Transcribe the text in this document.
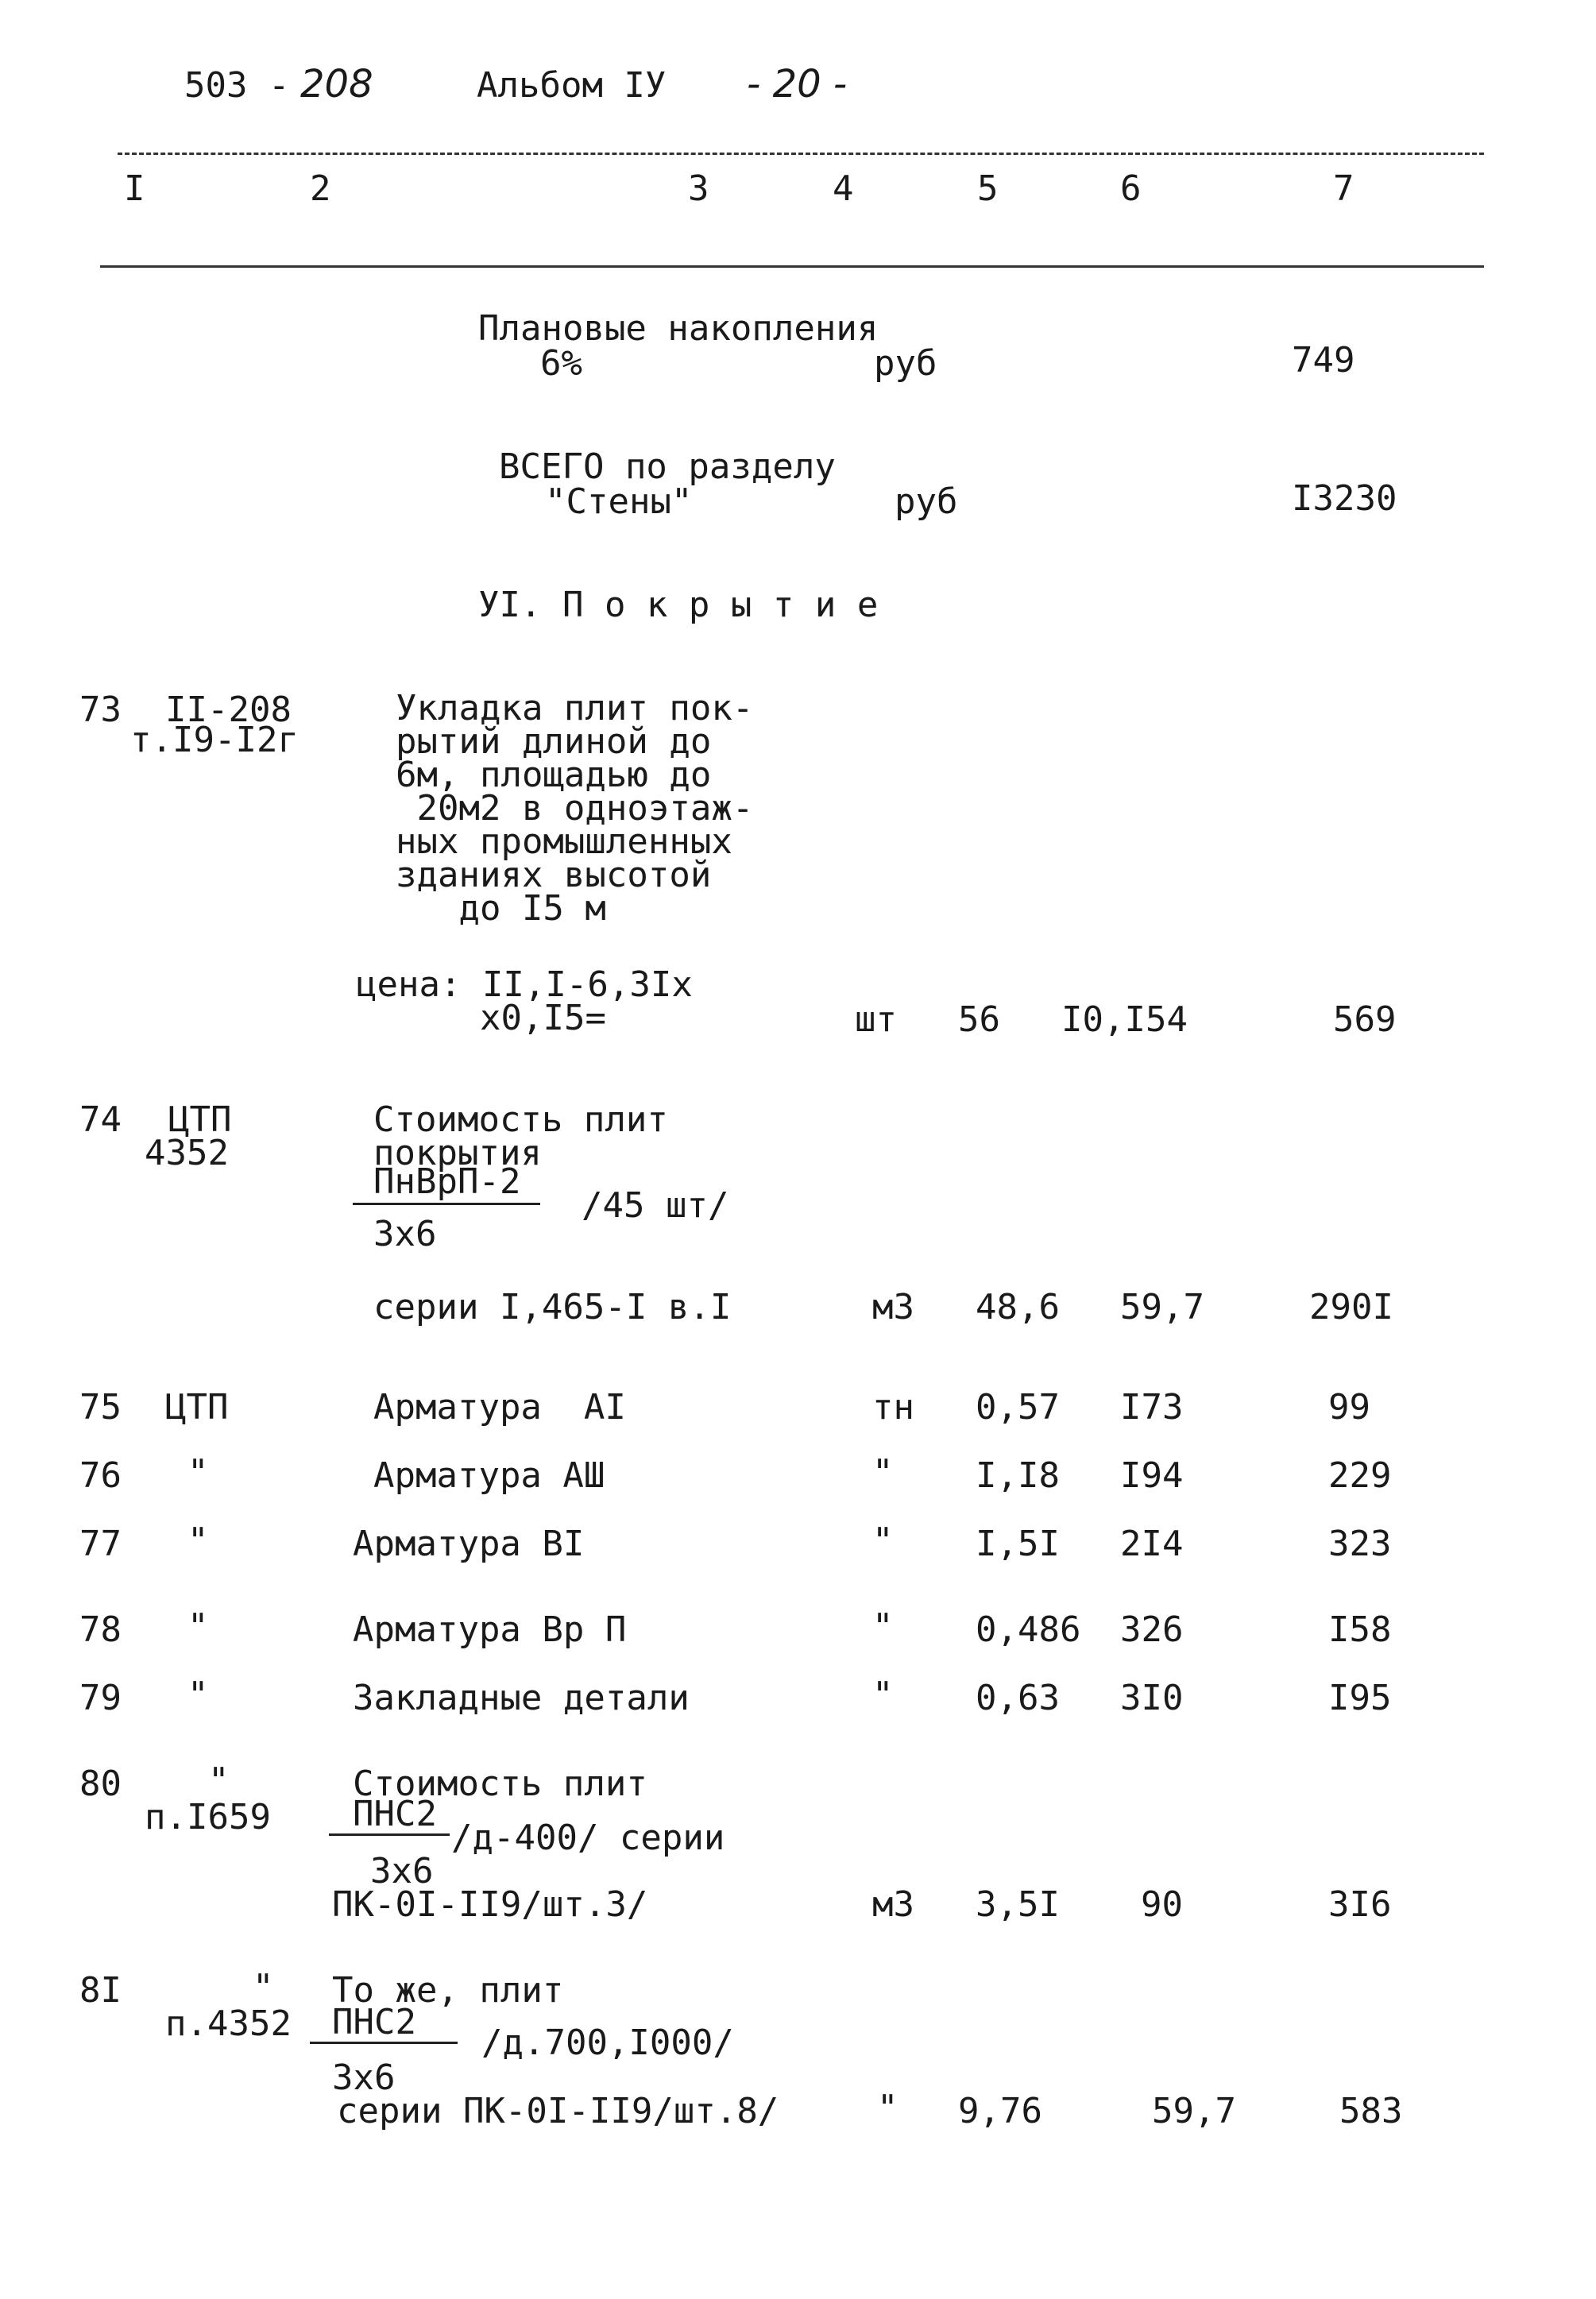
503 - 208	Альбом IУ - 20 -
I	2	3	4	5	6	7
Плановые накопления
6%	руб	749
ВСЕГО по разделу
"Стены"	руб	I3230
УI. П о к р ы т и е
73 II-208
т.I9-I2г
Укладка плит пок-
рытий длиной до
6м, площадью до
20м2 в одноэтаж-
ных промышленных
зданиях высотой
до I5 м
цена: II,I-6,3Iх
х0,I5=	шт 56 I0,I54	569
74 ЦТП
4352
Стоимость плит
покрытия
ПнВрП-2
3х6
/45 шт/
серии I,465-I в.I	м3 48,6 59,7	290I
75 ЦТП	Арматура  АI	тн 0,57 I73	99
76 "	Арматура АШ	" I,I8 I94	229
77 "	Арматура ВI	" I,5I 2I4	323
78 "	Арматура Вр П	" 0,486 326	I58
79 "	Закладные детали	" 0,63 3I0	I95
80 "
п.I659
Стоимость плит
ПНС2
/д-400/ серии
3х6
ПК-0I-II9/шт.3/	м3 3,5I 90	3I6
8I	"
п.4352
То же, плит
ПНС2
/д.700,I000/
3х6
серии ПК-0I-II9/шт.8/	" 9,76	59,7	583
